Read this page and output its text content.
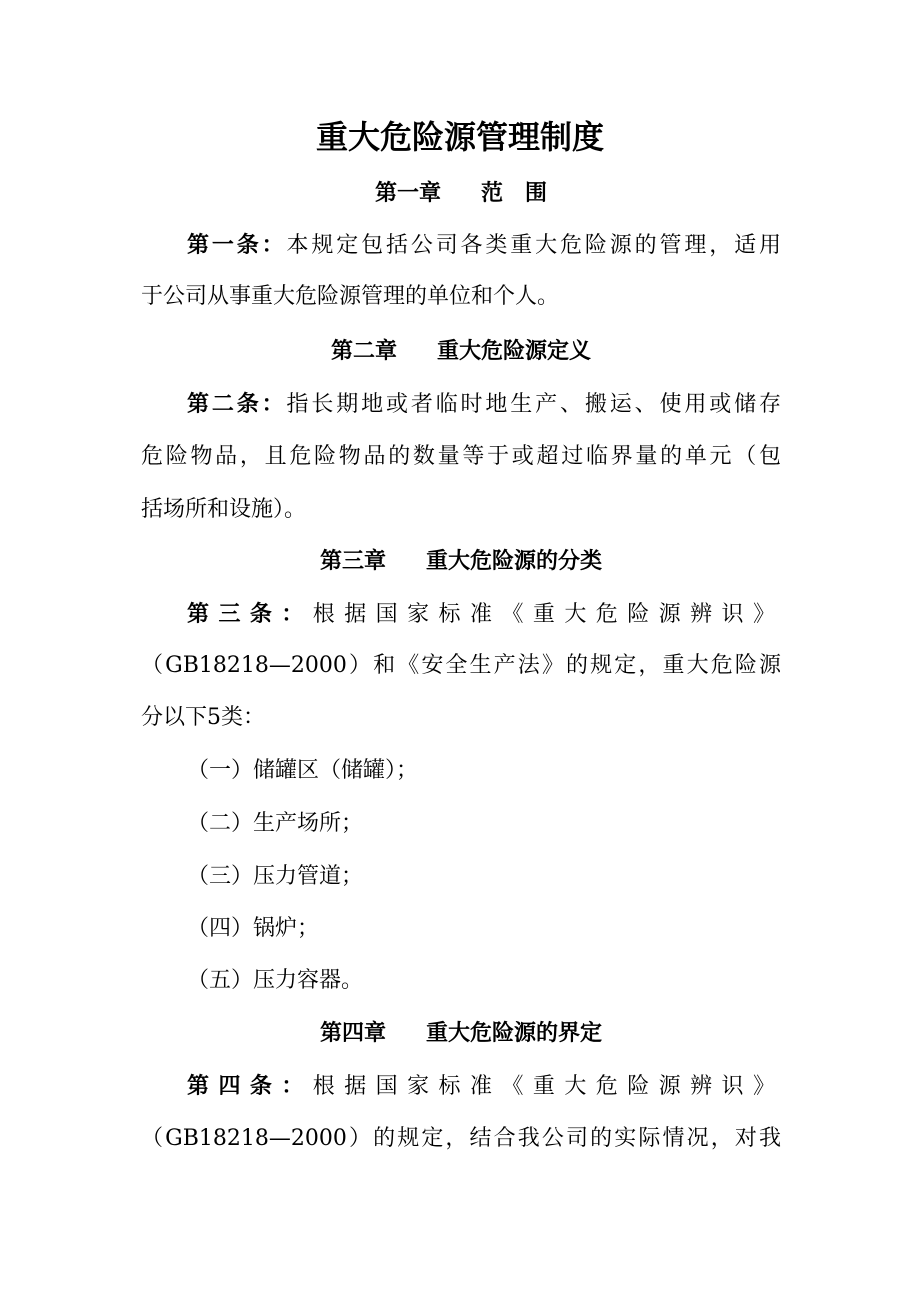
重大危险源管理制度
第一章 范　围
第一条：本规定包括公司各类重大危险源的管理，适用
于公司从事重大危险源管理的单位和个人。
第二章 重大危险源定义
第二条：指长期地或者临时地生产、搬运、使用或储存
危险物品，且危险物品的数量等于或超过临界量的单元（包
括场所和设施）。
第三章 重大危险源的分类
第三条：根据国家标准《重大危险源辨识》
（GB18218—2000）和《安全生产法》的规定，重大危险源
分以下5类：
（一）储罐区（储罐）；
（二）生产场所；
（三）压力管道；
（四）锅炉；
（五）压力容器。
第四章 重大危险源的界定
第四条：根据国家标准《重大危险源辨识》
（GB18218—2000）的规定，结合我公司的实际情况，对我
